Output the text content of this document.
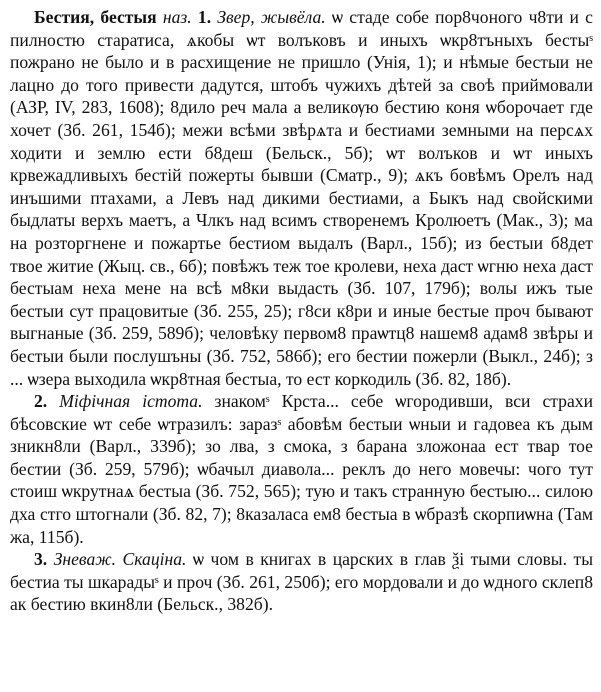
Бестия, бестыя наз. 1. Звер, жывёла. ѡ стаде собе пор8чоного ч8ти и с пилностю старатиса, ѧкобы ѡт волъковъ и иныхъ ѡкр8тъныхъ бестыˢ пожрано не было и в расхищение не пришло (Унія, 1); и нѣмые бестыи не лацно до того привести дадутся, штобъ чужихъ дѣтей за своѣ приймовали (АЗР, IV, 283, 1608); 8дило реч мала а великѹю бестию коня ѡборочает где хочет (Зб. 261, 154б); межи всѣми звѣрѧта и бестиами земными на персѧх ходити и землю ести б8деш (Бельск., 5б); ѡт волъков и ѡт иныхъ крвежадливыхъ бестій пожерты бывши (Сматр., 9); ѧкъ бовѣмъ Орелъ над инъшими птахами, а Левъ над дикими бестиами, а Быкъ над свойскими быдлаты верхъ маетъ, а Члкъ над всимъ створенемъ Кролюетъ (Мак., 3); ма на розторгнене и пожартье бестиом выдалъ (Варл., 15б); из бестыи б8дет твое житие (Жыц. св., 6б); повѣжъ теж тое кролеви, неха даст ѡгню неха даст бестыам неха мене на всѣ м8ки выдасть (Зб. 107, 179б); волы ижъ тые бестыи сут працовитые (Зб. 255, 25); г8си к8ри и иные бестые проч бывают выгнаные (Зб. 259, 589б); человѣку первом8 праѡтц8 нашем8 адам8 звѣры и бестыи были послушъны (Зб. 752, 586б); его бестии пожерли (Выкл., 24б); з ... ѡзера выходила ѡкр8тная бестыа, то ест коркодиль (Зб. 82, 18б).

2. Міфічная істота. знакомˢ Крста... себе ѡгородивши, вси страхи бѣсовские ѡт себе ѡтразилъ: заразˢ абовѣм бестыи ѡныи и гадовеа къ дым зникн8ли (Варл., 339б); зо лва, з смока, з барана зложонаа ест твар тое бестии (Зб. 259, 579б); ѡбачыл диавола... реклъ до него мовечы: чого тут стоиш ѡкрутнаѧ бестыа (Зб. 752, 565); тую и такъ странную бестыю... силою дха стго штогнали (Зб. 82, 7); 8казаласа ем8 бестыа в ѡбразѣ скорпиѡна (Там жа, 115б).

3. Зневаж. Скаціна. ѡ чом в книгах в царских в глав ѯi тыми словы. ты бестиа ты шкарадыˢ и проч (Зб. 261, 250б); его мордовали и до ѡдного склеп8 ак бестию вкин8ли (Бельск., 382б).
